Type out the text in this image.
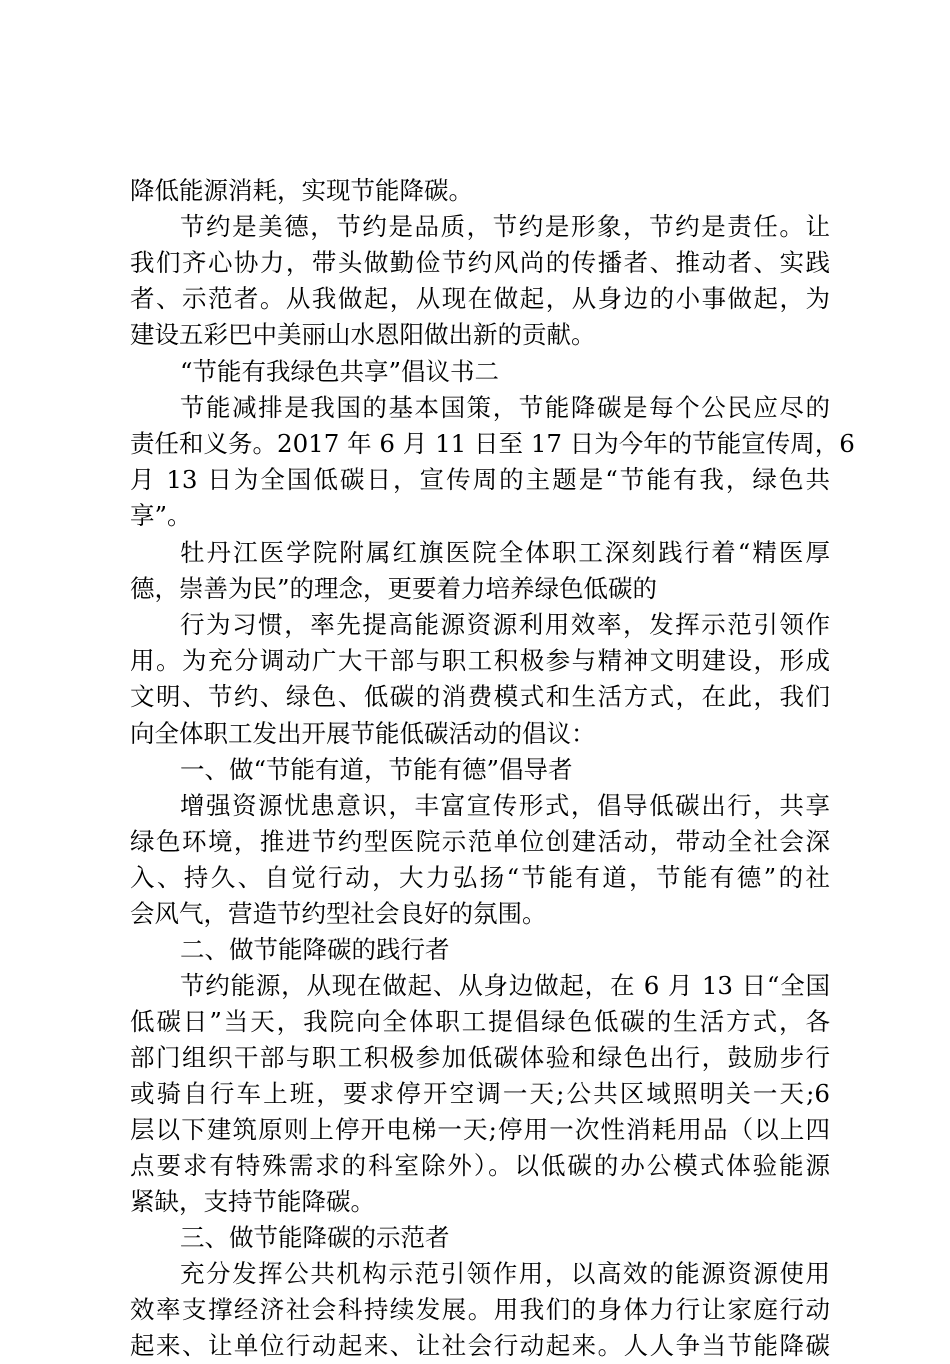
降低能源消耗，实现节能降碳。
节约是美德，节约是品质，节约是形象，节约是责任。让
我们齐心协力，带头做勤俭节约风尚的传播者、推动者、实践
者、示范者。从我做起，从现在做起，从身边的小事做起，为
建设五彩巴中美丽山水恩阳做出新的贡献。
“节能有我绿色共享”倡议书二
节能减排是我国的基本国策，节能降碳是每个公民应尽的
责任和义务。2017 年 6 月 11 日至 17 日为今年的节能宣传周，6
月 13 日为全国低碳日，宣传周的主题是“节能有我，绿色共
享”。
牡丹江医学院附属红旗医院全体职工深刻践行着“精医厚
德，崇善为民”的理念，更要着力培养绿色低碳的
行为习惯，率先提高能源资源利用效率，发挥示范引领作
用。为充分调动广大干部与职工积极参与精神文明建设，形成
文明、节约、绿色、低碳的消费模式和生活方式，在此，我们
向全体职工发出开展节能低碳活动的倡议：
一、做“节能有道，节能有德”倡导者
增强资源忧患意识，丰富宣传形式，倡导低碳出行，共享
绿色环境，推进节约型医院示范单位创建活动，带动全社会深
入、持久、自觉行动，大力弘扬“节能有道，节能有德”的社
会风气，营造节约型社会良好的氛围。
二、做节能降碳的践行者
节约能源，从现在做起、从身边做起，在 6 月 13 日“全国
低碳日”当天，我院向全体职工提倡绿色低碳的生活方式，各
部门组织干部与职工积极参加低碳体验和绿色出行，鼓励步行
或骑自行车上班，要求停开空调一天;公共区域照明关一天;6
层以下建筑原则上停开电梯一天;停用一次性消耗用品（以上四
点要求有特殊需求的科室除外）。以低碳的办公模式体验能源
紧缺，支持节能降碳。
三、做节能降碳的示范者
充分发挥公共机构示范引领作用，以高效的能源资源使用
效率支撑经济社会科持续发展。用我们的身体力行让家庭行动
起来、让单位行动起来、让社会行动起来。人人争当节能降碳
